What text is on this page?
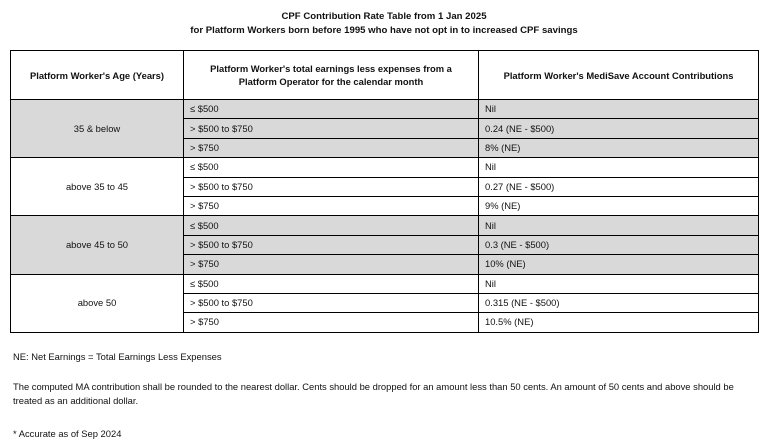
CPF Contribution Rate Table from 1 Jan 2025
for Platform Workers born before 1995 who have not opt in to increased CPF savings
Platform Worker's Age (Years)	Platform Worker's total earnings less expenses from a Platform Operator for the calendar month	Platform Worker's MediSave Account Contributions
35 & below	≤ $500	Nil
	> $500 to $750	0.24 (NE - $500)
	> $750	8% (NE)
above 35 to 45	≤ $500	Nil
	> $500 to $750	0.27 (NE - $500)
	> $750	9% (NE)
above 45 to 50	≤ $500	Nil
	> $500 to $750	0.3 (NE - $500)
	> $750	10% (NE)
above 50	≤ $500	Nil
	> $500 to $750	0.315 (NE - $500)
	> $750	10.5% (NE)
NE: Net Earnings = Total Earnings Less Expenses
The computed MA contribution shall be rounded to the nearest dollar. Cents should be dropped for an amount less than 50 cents. An amount of 50 cents and above should be treated as an additional dollar.
* Accurate as of Sep 2024
